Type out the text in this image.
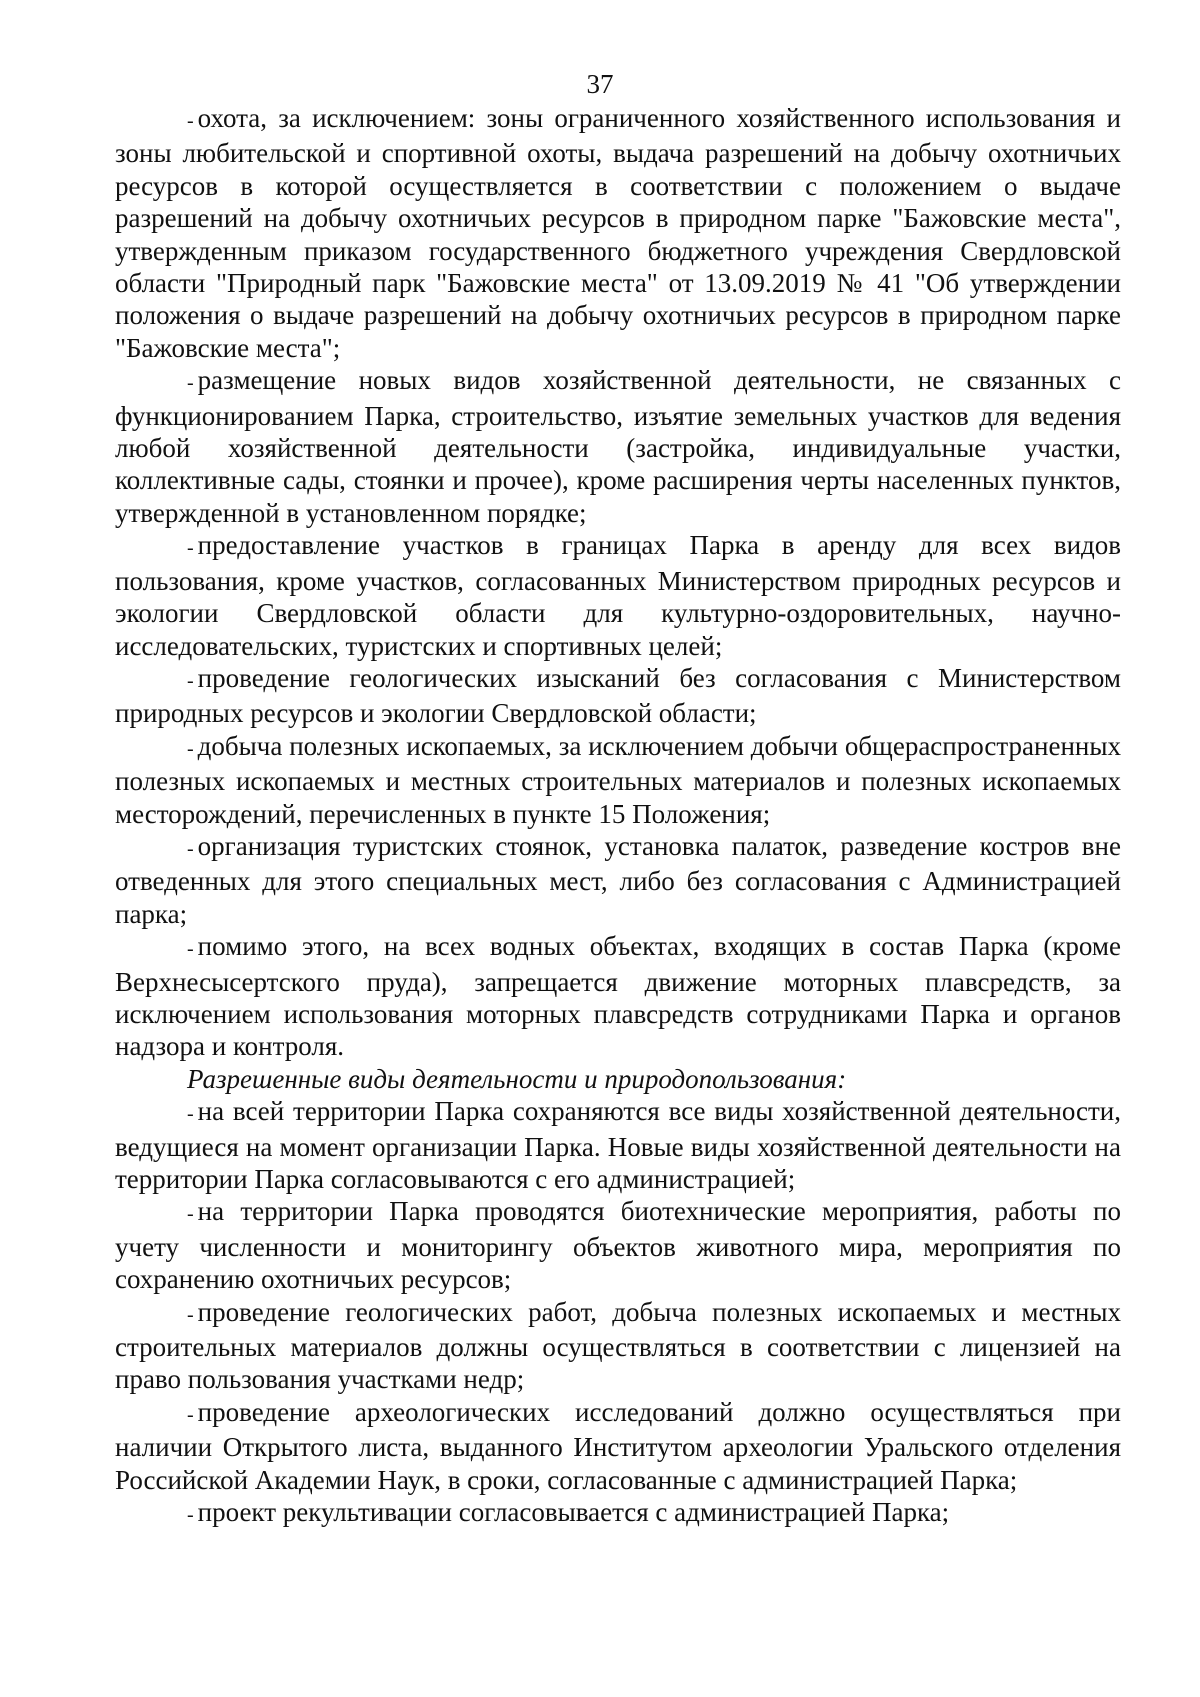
37

- охота, за исключением: зоны ограниченного хозяйственного использования и зоны любительской и спортивной охоты, выдача разрешений на добычу охотничьих ресурсов в которой осуществляется в соответствии с положением о выдаче разрешений на добычу охотничьих ресурсов в природном парке "Бажовские места", утвержденным приказом государственного бюджетного учреждения Свердловской области "Природный парк "Бажовские места" от 13.09.2019 № 41 "Об утверждении положения о выдаче разрешений на добычу охотничьих ресурсов в природном парке "Бажовские места";

- размещение новых видов хозяйственной деятельности, не связанных с функционированием Парка, строительство, изъятие земельных участков для ведения любой хозяйственной деятельности (застройка, индивидуальные участки, коллективные сады, стоянки и прочее), кроме расширения черты населенных пунктов, утвержденной в установленном порядке;

- предоставление участков в границах Парка в аренду для всех видов пользования, кроме участков, согласованных Министерством природных ресурсов и экологии Свердловской области для культурно-оздоровительных, научно-исследовательских, туристских и спортивных целей;

- проведение геологических изысканий без согласования с Министерством природных ресурсов и экологии Свердловской области;

- добыча полезных ископаемых, за исключением добычи общераспространенных полезных ископаемых и местных строительных материалов и полезных ископаемых месторождений, перечисленных в пункте 15 Положения;

- организация туристских стоянок, установка палаток, разведение костров вне отведенных для этого специальных мест, либо без согласования с Администрацией парка;

- помимо этого, на всех водных объектах, входящих в состав Парка (кроме Верхнесысертского пруда), запрещается движение моторных плавсредств, за исключением использования моторных плавсредств сотрудниками Парка и органов надзора и контроля.

Разрешенные виды деятельности и природопользования:

- на всей территории Парка сохраняются все виды хозяйственной деятельности, ведущиеся на момент организации Парка. Новые виды хозяйственной деятельности на территории Парка согласовываются с его администрацией;

- на территории Парка проводятся биотехнические мероприятия, работы по учету численности и мониторингу объектов животного мира, мероприятия по сохранению охотничьих ресурсов;

- проведение геологических работ, добыча полезных ископаемых и местных строительных материалов должны осуществляться в соответствии с лицензией на право пользования участками недр;

- проведение археологических исследований должно осуществляться при наличии Открытого листа, выданного Институтом археологии Уральского отделения Российской Академии Наук, в сроки, согласованные с администрацией Парка;

- проект рекультивации согласовывается с администрацией Парка;
